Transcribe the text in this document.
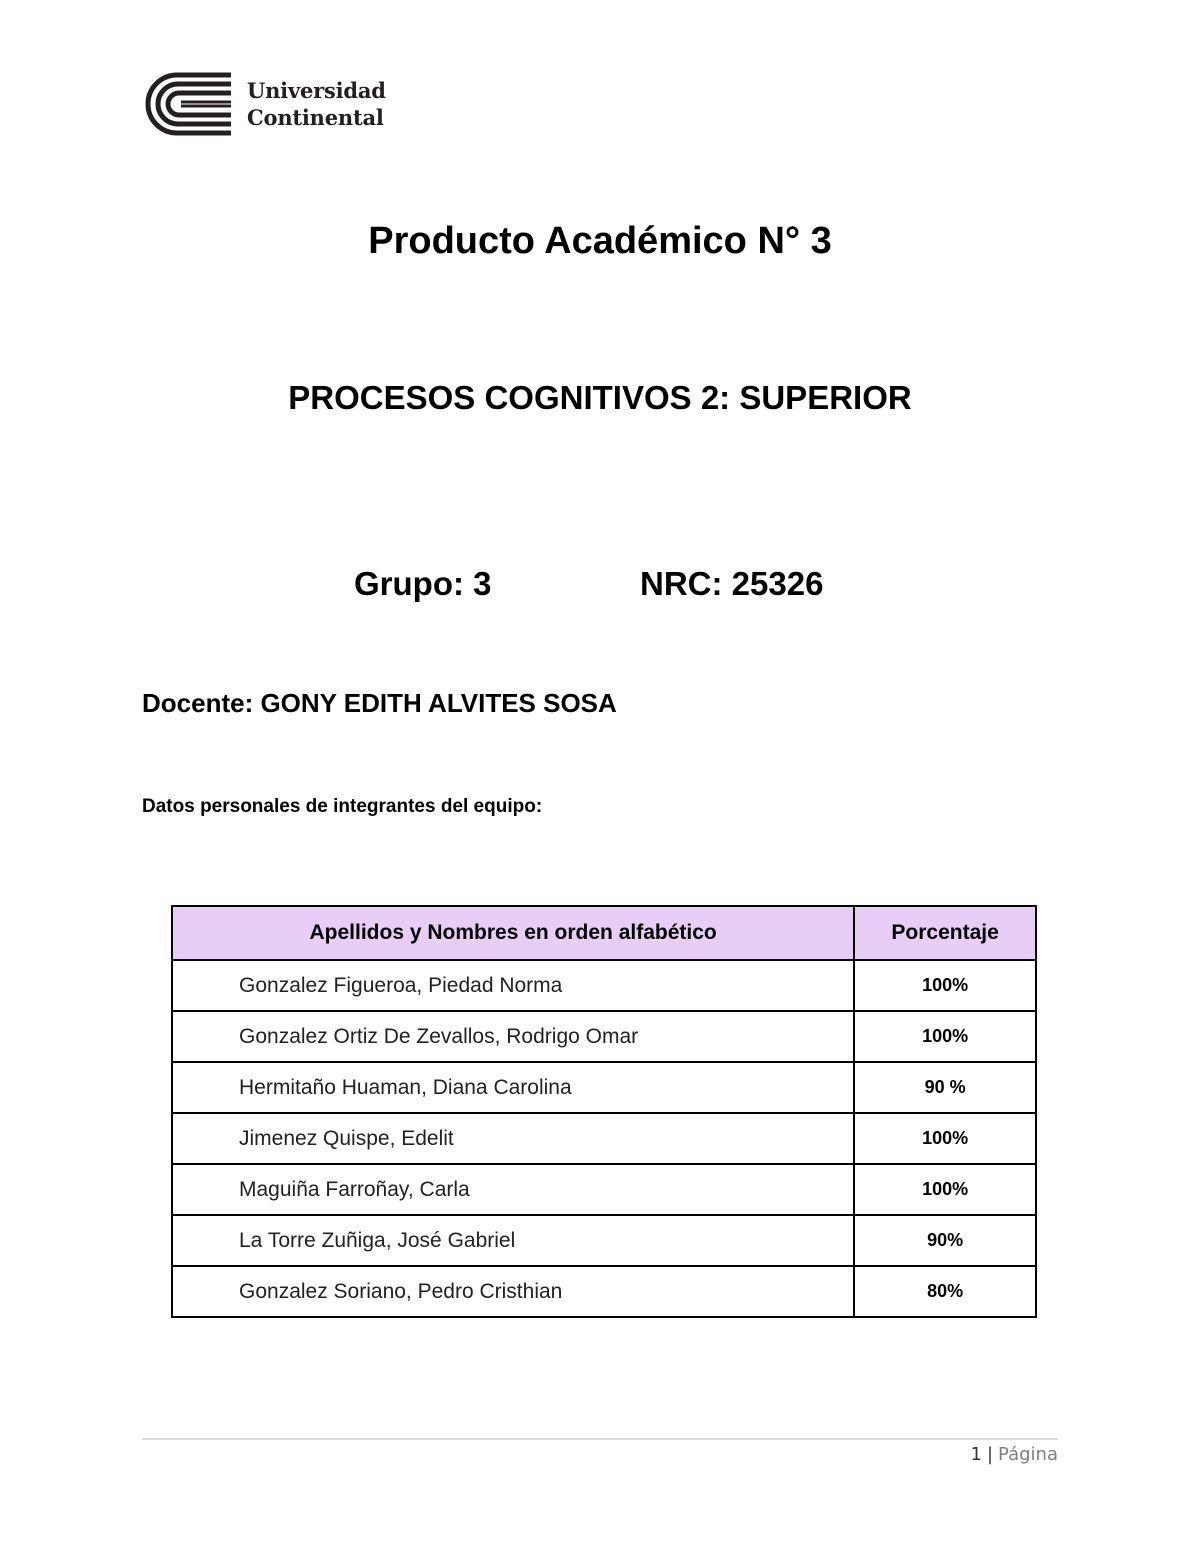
Universidad
Continental
Producto Académico N° 3
PROCESOS COGNITIVOS 2: SUPERIOR
Grupo: 3	NRC: 25326
Docente: GONY EDITH ALVITES SOSA
Datos personales de integrantes del equipo:
Apellidos y Nombres en orden alfabético	Porcentaje
Gonzalez Figueroa, Piedad Norma	100%
Gonzalez Ortiz De Zevallos, Rodrigo Omar	100%
Hermitaño Huaman, Diana Carolina	90 %
Jimenez Quispe, Edelit	100%
Maguiña Farroñay, Carla	100%
La Torre Zuñiga, José Gabriel	90%
Gonzalez Soriano, Pedro Cristhian	80%
1 | Página
